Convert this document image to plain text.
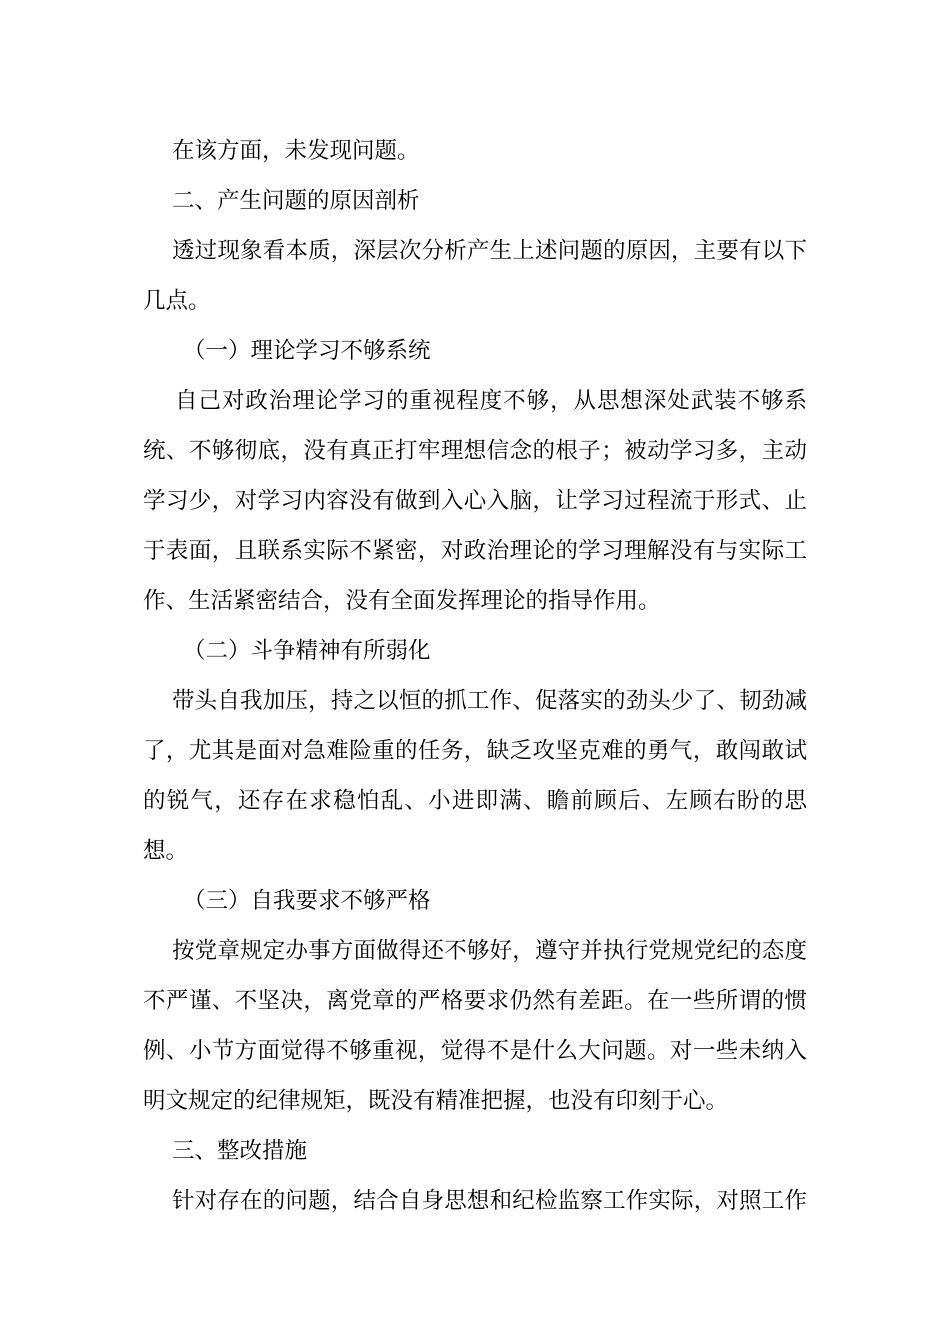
在该方面，未发现问题。
二、产生问题的原因剖析
透过现象看本质，深层次分析产生上述问题的原因，主要有以下
几点。
（一）理论学习不够系统
自己对政治理论学习的重视程度不够，从思想深处武装不够系
统、不够彻底，没有真正打牢理想信念的根子；被动学习多，主动
学习少，对学习内容没有做到入心入脑，让学习过程流于形式、止
于表面，且联系实际不紧密，对政治理论的学习理解没有与实际工
作、生活紧密结合，没有全面发挥理论的指导作用。
（二）斗争精神有所弱化
带头自我加压，持之以恒的抓工作、促落实的劲头少了、韧劲减
了，尤其是面对急难险重的任务，缺乏攻坚克难的勇气，敢闯敢试
的锐气，还存在求稳怕乱、小进即满、瞻前顾后、左顾右盼的思
想。
（三）自我要求不够严格
按党章规定办事方面做得还不够好，遵守并执行党规党纪的态度
不严谨、不坚决，离党章的严格要求仍然有差距。在一些所谓的惯
例、小节方面觉得不够重视，觉得不是什么大问题。对一些未纳入
明文规定的纪律规矩，既没有精准把握，也没有印刻于心。
三、整改措施
针对存在的问题，结合自身思想和纪检监察工作实际，对照工作
